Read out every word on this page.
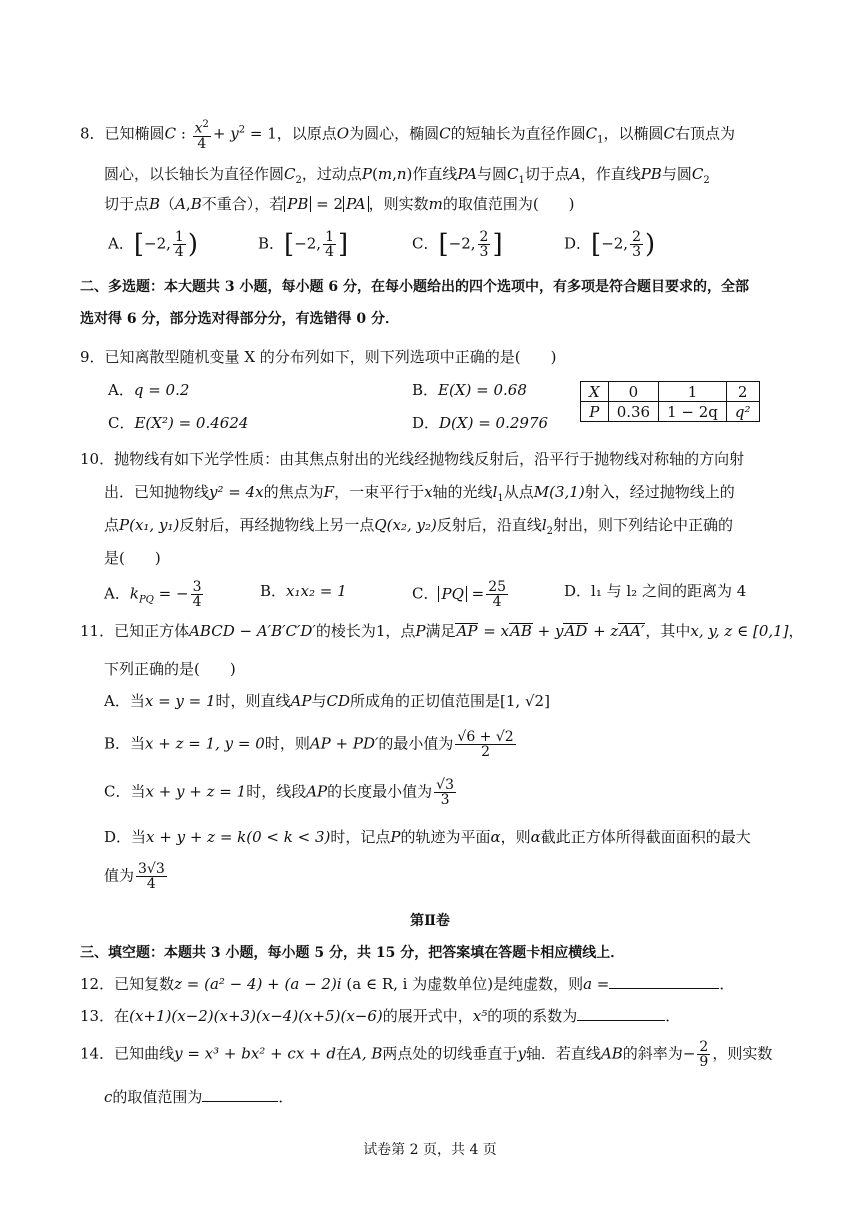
8．已知椭圆C : $\frac{x^2}{4} + y^2 = 1$，以原点O为圆心，椭圆C的短轴长为直径作圆$C_1$，以椭圆C右顶点为
圆心，以长轴长为直径作圆$C_2$，过动点P(m,n)作直线PA与圆$C_1$切于点A，作直线PB与圆$C_2$
切于点B（A,B不重合），若 PB = 2 PA ，则实数m的取值范围为(　　)
A．[−2, $\frac{1}{4}$ )	B．[−2, $\frac{1}{4}$ ]	C．[−2, $\frac{2}{3}$ ]	D．[−2, $\frac{2}{3}$ )
二、多选题：本大题共 3 小题，每小题 6 分，在每小题给出的四个选项中，有多项是符合题目要求的，全部
选对得 6 分，部分选对得部分分，有选错得 0 分．
9．已知离散型随机变量 X 的分布列如下，则下列选项中正确的是(　　)
A．q = 0.2	B．E(X) = 0.68
C．E(X²) = 0.4624	D．D(X) = 0.2976
X	0	1	2
P	0.36	1 − 2q	q²
10．抛物线有如下光学性质：由其焦点射出的光线经抛物线反射后，沿平行于抛物线对称轴的方向射
出．已知抛物线y² = 4x的焦点为F，一束平行于x轴的光线$l_1$从点M(3,1)射入，经过抛物线上的
点P(x₁, y₁)反射后，再经抛物线上另一点Q(x₂, y₂)反射后，沿直线$l_2$射出，则下列结论中正确的
是(　　)
A．$k_{PQ}$ = − $\frac{3}{4}$	B．x₁x₂ = 1	C． PQ = $\frac{25}{4}$	D．l₁ 与 l₂ 之间的距离为 4
11．已知正方体ABCD − A′B′C′D′的棱长为1，点P满足AP = xAB + yAD + zAA′，其中x, y, z ∈ [0,1]，
下列正确的是(　　)
A．当x = y = 1时，则直线AP与CD所成角的正切值范围是[1, √2]
B．当x + z = 1, y = 0时，则AP + PD′的最小值为 $\frac{√6 + √2}{2}$
C．当x + y + z = 1时，线段AP的长度最小值为 $\frac{√3}{3}$
D．当x + y + z = k(0 < k < 3)时，记点P的轨迹为平面α，则α截此正方体所得截面面积的最大
值为 $\frac{3√3}{4}$
第Ⅱ卷
三、填空题：本题共 3 小题，每小题 5 分，共 15 分，把答案填在答题卡相应横线上．
12．已知复数z = (a² − 4) + (a − 2)i (a ∈ R, i 为虚数单位)是纯虚数，则a =	．
13．在(x+1)(x−2)(x+3)(x−4)(x+5)(x−6)的展开式中，x⁵的项的系数为	．
14．已知曲线y = x³ + bx² + cx + d在A, B两点处的切线垂直于y轴．若直线AB的斜率为− $\frac{2}{9}$ ，则实数
c的取值范围为	．
试卷第 2 页，共 4 页
